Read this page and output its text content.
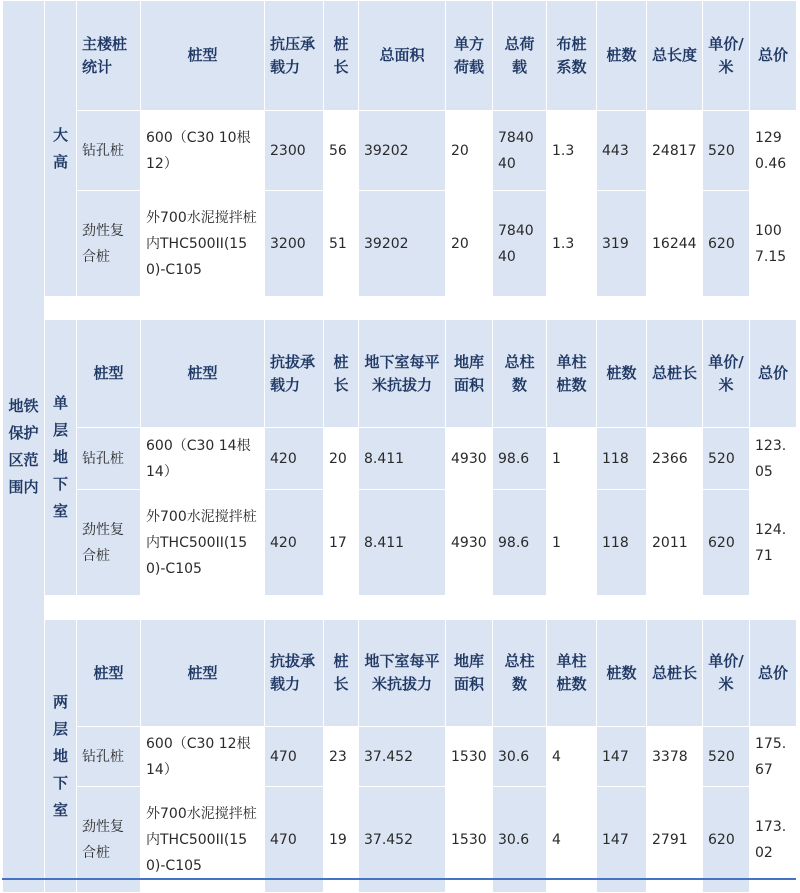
地铁保护区范围内	大高	主楼桩统计	桩型	抗压承载力	桩长	总面积	单方荷载	总荷载	布桩系数	桩数	总长度	单价/米	总价
		钻孔桩	600（C30 10根12）	2300	56	39202	20	784040	1.3	443	24817	520	1290.46
		劲性复合桩	外700水泥搅拌桩内THC500II(150)-C105	3200	51	39202	20	784040	1.3	319	16244	620	1007.15

	单层地下室	桩型	桩型	抗拔承载力	桩长	地下室每平米抗拔力	地库面积	总柱数	单柱桩数	桩数	总桩长	单价/米	总价
		钻孔桩	600（C30 14根14）	420	20	8.411	4930	98.6	1	118	2366	520	123.05
		劲性复合桩	外700水泥搅拌桩内THC500II(150)-C105	420	17	8.411	4930	98.6	1	118	2011	620	124.71

	两层地下室	桩型	桩型	抗拔承载力	桩长	地下室每平米抗拔力	地库面积	总柱数	单柱桩数	桩数	总桩长	单价/米	总价
		钻孔桩	600（C30 12根14）	470	23	37.452	1530	30.6	4	147	3378	520	175.67
		劲性复合桩	外700水泥搅拌桩内THC500II(150)-C105	470	19	37.452	1530	30.6	4	147	2791	620	173.02
